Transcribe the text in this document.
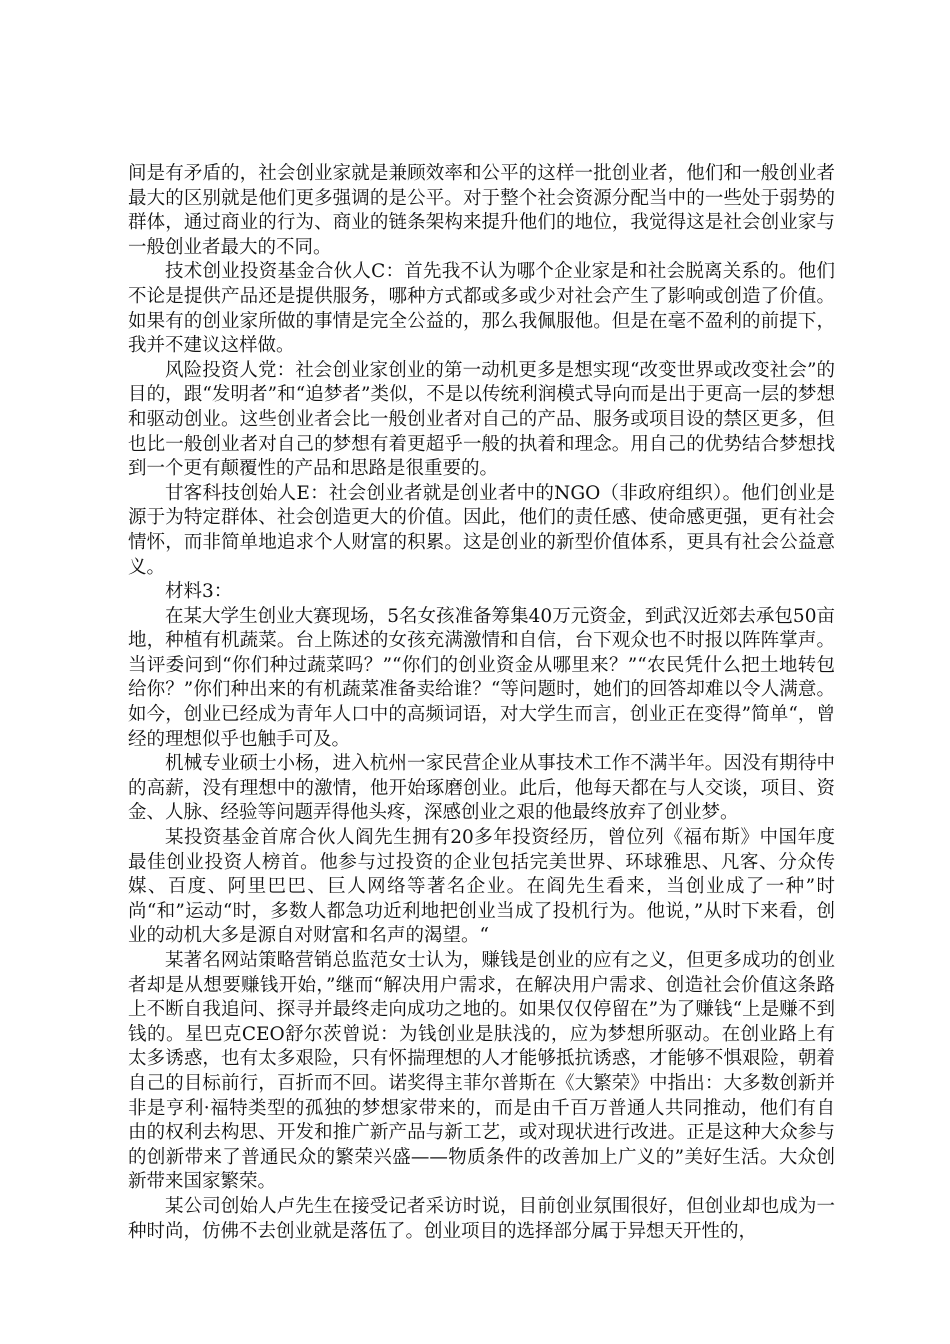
间是有矛盾的，社会创业家就是兼顾效率和公平的这样一批创业者，他们和一般创业者最大的区别就是他们更多强调的是公平。对于整个社会资源分配当中的一些处于弱势的群体，通过商业的行为、商业的链条架构来提升他们的地位，我觉得这是社会创业家与一般创业者最大的不同。

技术创业投资基金合伙人C：首先我不认为哪个企业家是和社会脱离关系的。他们不论是提供产品还是提供服务，哪种方式都或多或少对社会产生了影响或创造了价值。如果有的创业家所做的事情是完全公益的，那么我佩服他。但是在毫不盈利的前提下，我并不建议这样做。

风险投资人党：社会创业家创业的第一动机更多是想实现“改变世界或改变社会”的目的，跟“发明者”和“追梦者”类似，不是以传统利润模式导向而是出于更高一层的梦想和驱动创业。这些创业者会比一般创业者对自己的产品、服务或项目设的禁区更多，但也比一般创业者对自己的梦想有着更超乎一般的执着和理念。用自己的优势结合梦想找到一个更有颠覆性的产品和思路是很重要的。

甘客科技创始人E：社会创业者就是创业者中的NGO（非政府组织）。他们创业是源于为特定群体、社会创造更大的价值。因此，他们的责任感、使命感更强，更有社会情怀，而非简单地追求个人财富的积累。这是创业的新型价值体系，更具有社会公益意义。

材料3：

在某大学生创业大赛现场，5名女孩准备筹集40万元资金，到武汉近郊去承包50亩地，种植有机蔬菜。台上陈述的女孩充满激情和自信，台下观众也不时报以阵阵掌声。当评委问到“你们种过蔬菜吗？”“你们的创业资金从哪里来？”“农民凭什么把土地转包给你？”你们种出来的有机蔬菜准备卖给谁？“等问题时，她们的回答却难以令人满意。如今，创业已经成为青年人口中的高频词语，对大学生而言，创业正在变得”简单“，曾经的理想似乎也触手可及。

机械专业硕士小杨，进入杭州一家民营企业从事技术工作不满半年。因没有期待中的高薪，没有理想中的激情，他开始琢磨创业。此后，他每天都在与人交谈，项目、资金、人脉、经验等问题弄得他头疼，深感创业之艰的他最终放弃了创业梦。

某投资基金首席合伙人阎先生拥有20多年投资经历，曾位列《福布斯》中国年度最佳创业投资人榜首。他参与过投资的企业包括完美世界、环球雅思、凡客、分众传媒、百度、阿里巴巴、巨人网络等著名企业。在阎先生看来，当创业成了一种”时尚“和”运动“时，多数人都急功近利地把创业当成了投机行为。他说，”从时下来看，创业的动机大多是源自对财富和名声的渴望。“

某著名网站策略营销总监范女士认为，赚钱是创业的应有之义，但更多成功的创业者却是从想要赚钱开始，”继而“解决用户需求，在解决用户需求、创造社会价值这条路上不断自我追问、探寻并最终走向成功之地的。如果仅仅停留在”为了赚钱“上是赚不到钱的。星巴克CEO舒尔茨曾说：为钱创业是肤浅的，应为梦想所驱动。在创业路上有太多诱惑，也有太多艰险，只有怀揣理想的人才能够抵抗诱惑，才能够不惧艰险，朝着自己的目标前行，百折而不回。诺奖得主菲尔普斯在《大繁荣》中指出：大多数创新并非是亨利·福特类型的孤独的梦想家带来的，而是由千百万普通人共同推动，他们有自由的权利去构思、开发和推广新产品与新工艺，或对现状进行改进。正是这种大众参与的创新带来了普通民众的繁荣兴盛——物质条件的改善加上广义的”美好生活。大众创新带来国家繁荣。

某公司创始人卢先生在接受记者采访时说，目前创业氛围很好，但创业却也成为一种时尚，仿佛不去创业就是落伍了。创业项目的选择部分属于异想天开性的，
